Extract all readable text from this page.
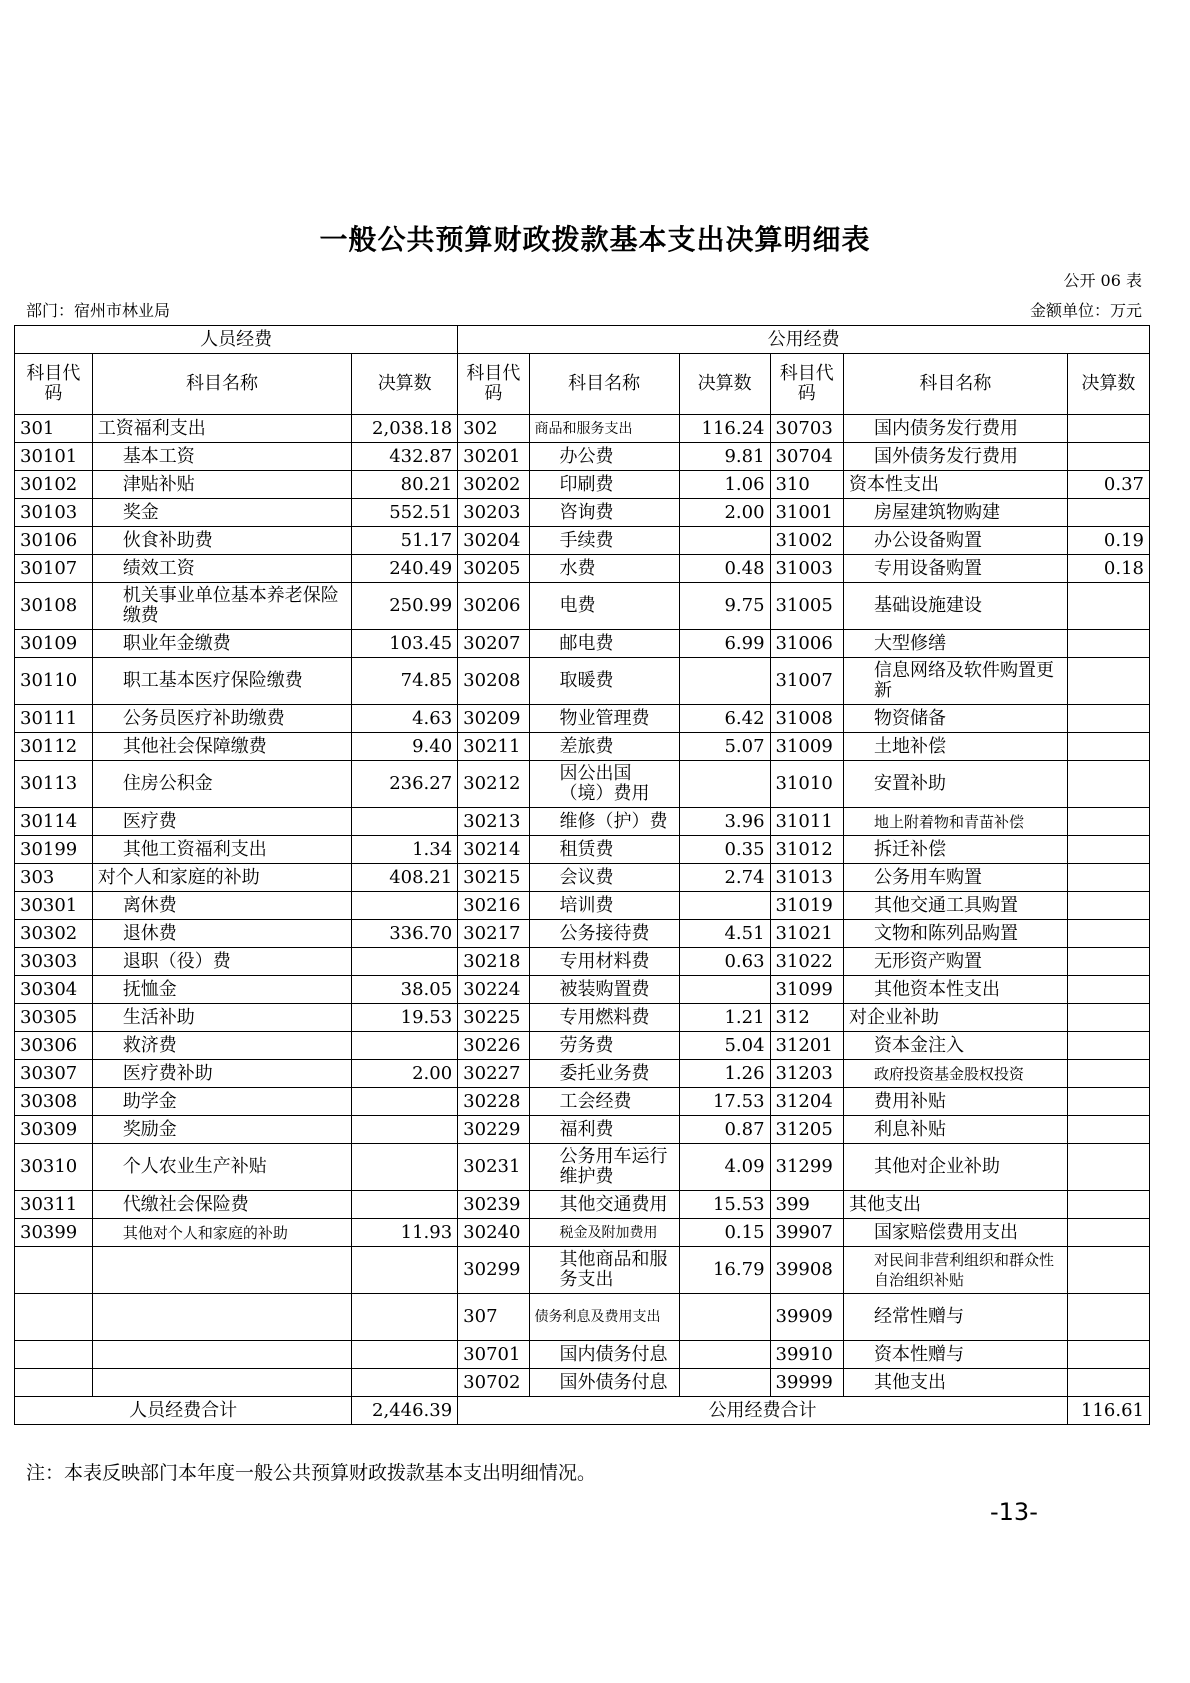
一般公共预算财政拨款基本支出决算明细表
公开 06 表
部门：宿州市林业局	金额单位：万元
人员经费			公用经费					
科目代码	科目名称	决算数	科目代码	科目名称	决算数	科目代码	科目名称	决算数
301	工资福利支出	2,038.18	302	商品和服务支出	116.24	30703	国内债务发行费用	
30101	基本工资	432.87	30201	办公费	9.81	30704	国外债务发行费用	
30102	津贴补贴	80.21	30202	印刷费	1.06	310	资本性支出	0.37
30103	奖金	552.51	30203	咨询费	2.00	31001	房屋建筑物购建	
30106	伙食补助费	51.17	30204	手续费		31002	办公设备购置	0.19
30107	绩效工资	240.49	30205	水费	0.48	31003	专用设备购置	0.18
30108	机关事业单位基本养老保险缴费	250.99	30206	电费	9.75	31005	基础设施建设	
30109	职业年金缴费	103.45	30207	邮电费	6.99	31006	大型修缮	
30110	职工基本医疗保险缴费	74.85	30208	取暖费		31007	信息网络及软件购置更新	
30111	公务员医疗补助缴费	4.63	30209	物业管理费	6.42	31008	物资储备	
30112	其他社会保障缴费	9.40	30211	差旅费	5.07	31009	土地补偿	
30113	住房公积金	236.27	30212	因公出国（境）费用		31010	安置补助	
30114	医疗费		30213	维修（护）费	3.96	31011	地上附着物和青苗补偿	
30199	其他工资福利支出	1.34	30214	租赁费	0.35	31012	拆迁补偿	
303	对个人和家庭的补助	408.21	30215	会议费	2.74	31013	公务用车购置	
30301	离休费		30216	培训费		31019	其他交通工具购置	
30302	退休费	336.70	30217	公务接待费	4.51	31021	文物和陈列品购置	
30303	退职（役）费		30218	专用材料费	0.63	31022	无形资产购置	
30304	抚恤金	38.05	30224	被装购置费		31099	其他资本性支出	
30305	生活补助	19.53	30225	专用燃料费	1.21	312	对企业补助	
30306	救济费		30226	劳务费	5.04	31201	资本金注入	
30307	医疗费补助	2.00	30227	委托业务费	1.26	31203	政府投资基金股权投资	
30308	助学金		30228	工会经费	17.53	31204	费用补贴	
30309	奖励金		30229	福利费	0.87	31205	利息补贴	
30310	个人农业生产补贴		30231	公务用车运行维护费	4.09	31299	其他对企业补助	
30311	代缴社会保险费		30239	其他交通费用	15.53	399	其他支出	
30399	其他对个人和家庭的补助	11.93	30240	税金及附加费用	0.15	39907	国家赔偿费用支出	
			30299	其他商品和服务支出	16.79	39908	对民间非营利组织和群众性自治组织补贴	
			307	债务利息及费用支出		39909	经常性赠与	
			30701	国内债务付息		39910	资本性赠与	
			30702	国外债务付息		39999	其他支出	
人员经费合计		2,446.39	公用经费合计					116.61
注：本表反映部门本年度一般公共预算财政拨款基本支出明细情况。
-13-
